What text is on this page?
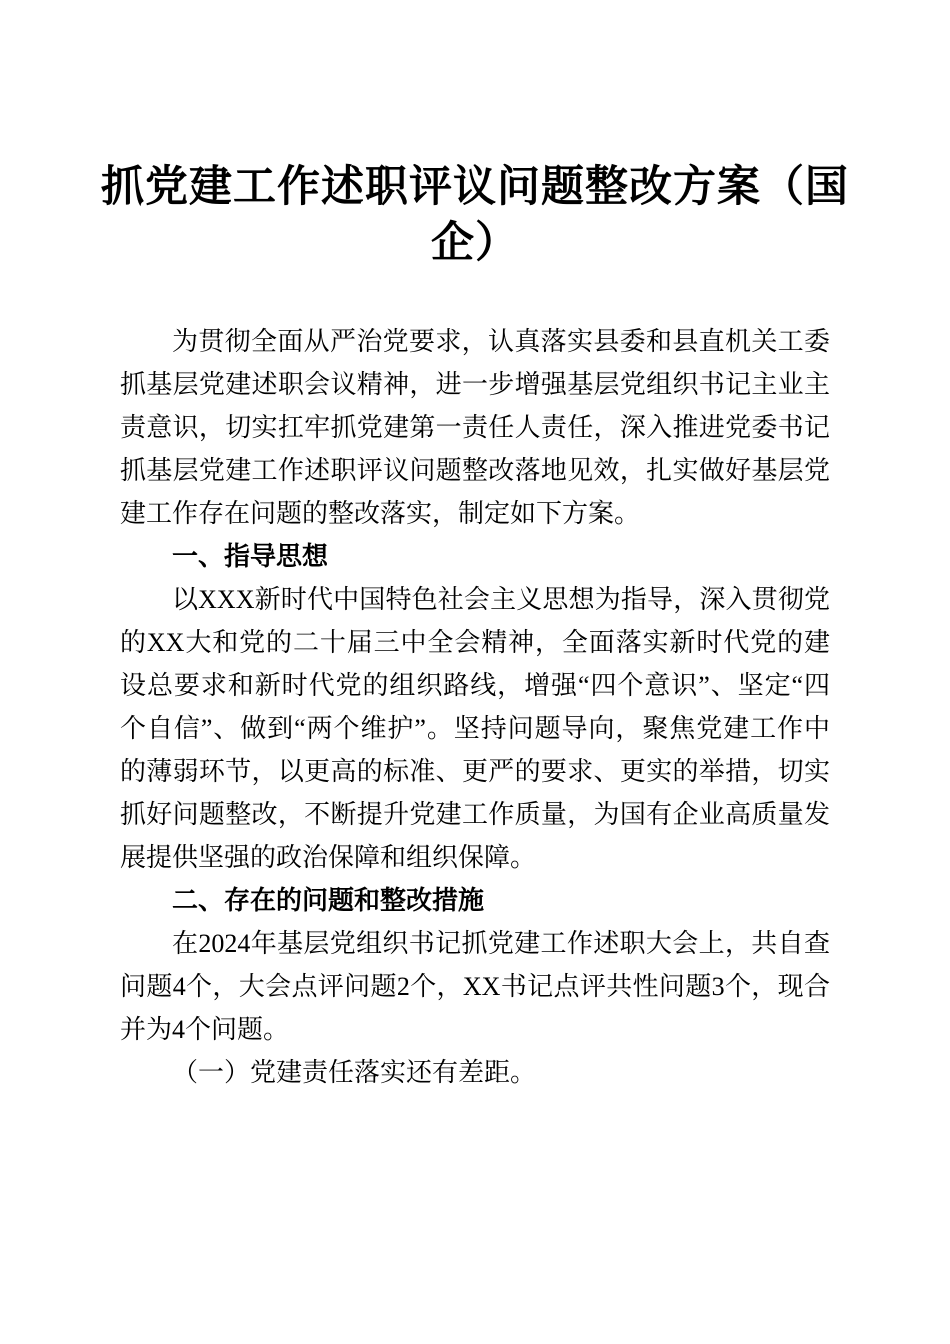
抓党建工作述职评议问题整改方案（国企）

为贯彻全面从严治党要求，认真落实县委和县直机关工委抓基层党建述职会议精神，进一步增强基层党组织书记主业主责意识，切实扛牢抓党建第一责任人责任，深入推进党委书记抓基层党建工作述职评议问题整改落地见效，扎实做好基层党建工作存在问题的整改落实，制定如下方案。

一、指导思想

以XXX新时代中国特色社会主义思想为指导，深入贯彻党的XX大和党的二十届三中全会精神，全面落实新时代党的建设总要求和新时代党的组织路线，增强“四个意识”、坚定“四个自信”、做到“两个维护”。坚持问题导向，聚焦党建工作中的薄弱环节，以更高的标准、更严的要求、更实的举措，切实抓好问题整改，不断提升党建工作质量，为国有企业高质量发展提供坚强的政治保障和组织保障。

二、存在的问题和整改措施

在2024年基层党组织书记抓党建工作述职大会上，共自查问题4个，大会点评问题2个，XX书记点评共性问题3个，现合并为4个问题。

（一）党建责任落实还有差距。
